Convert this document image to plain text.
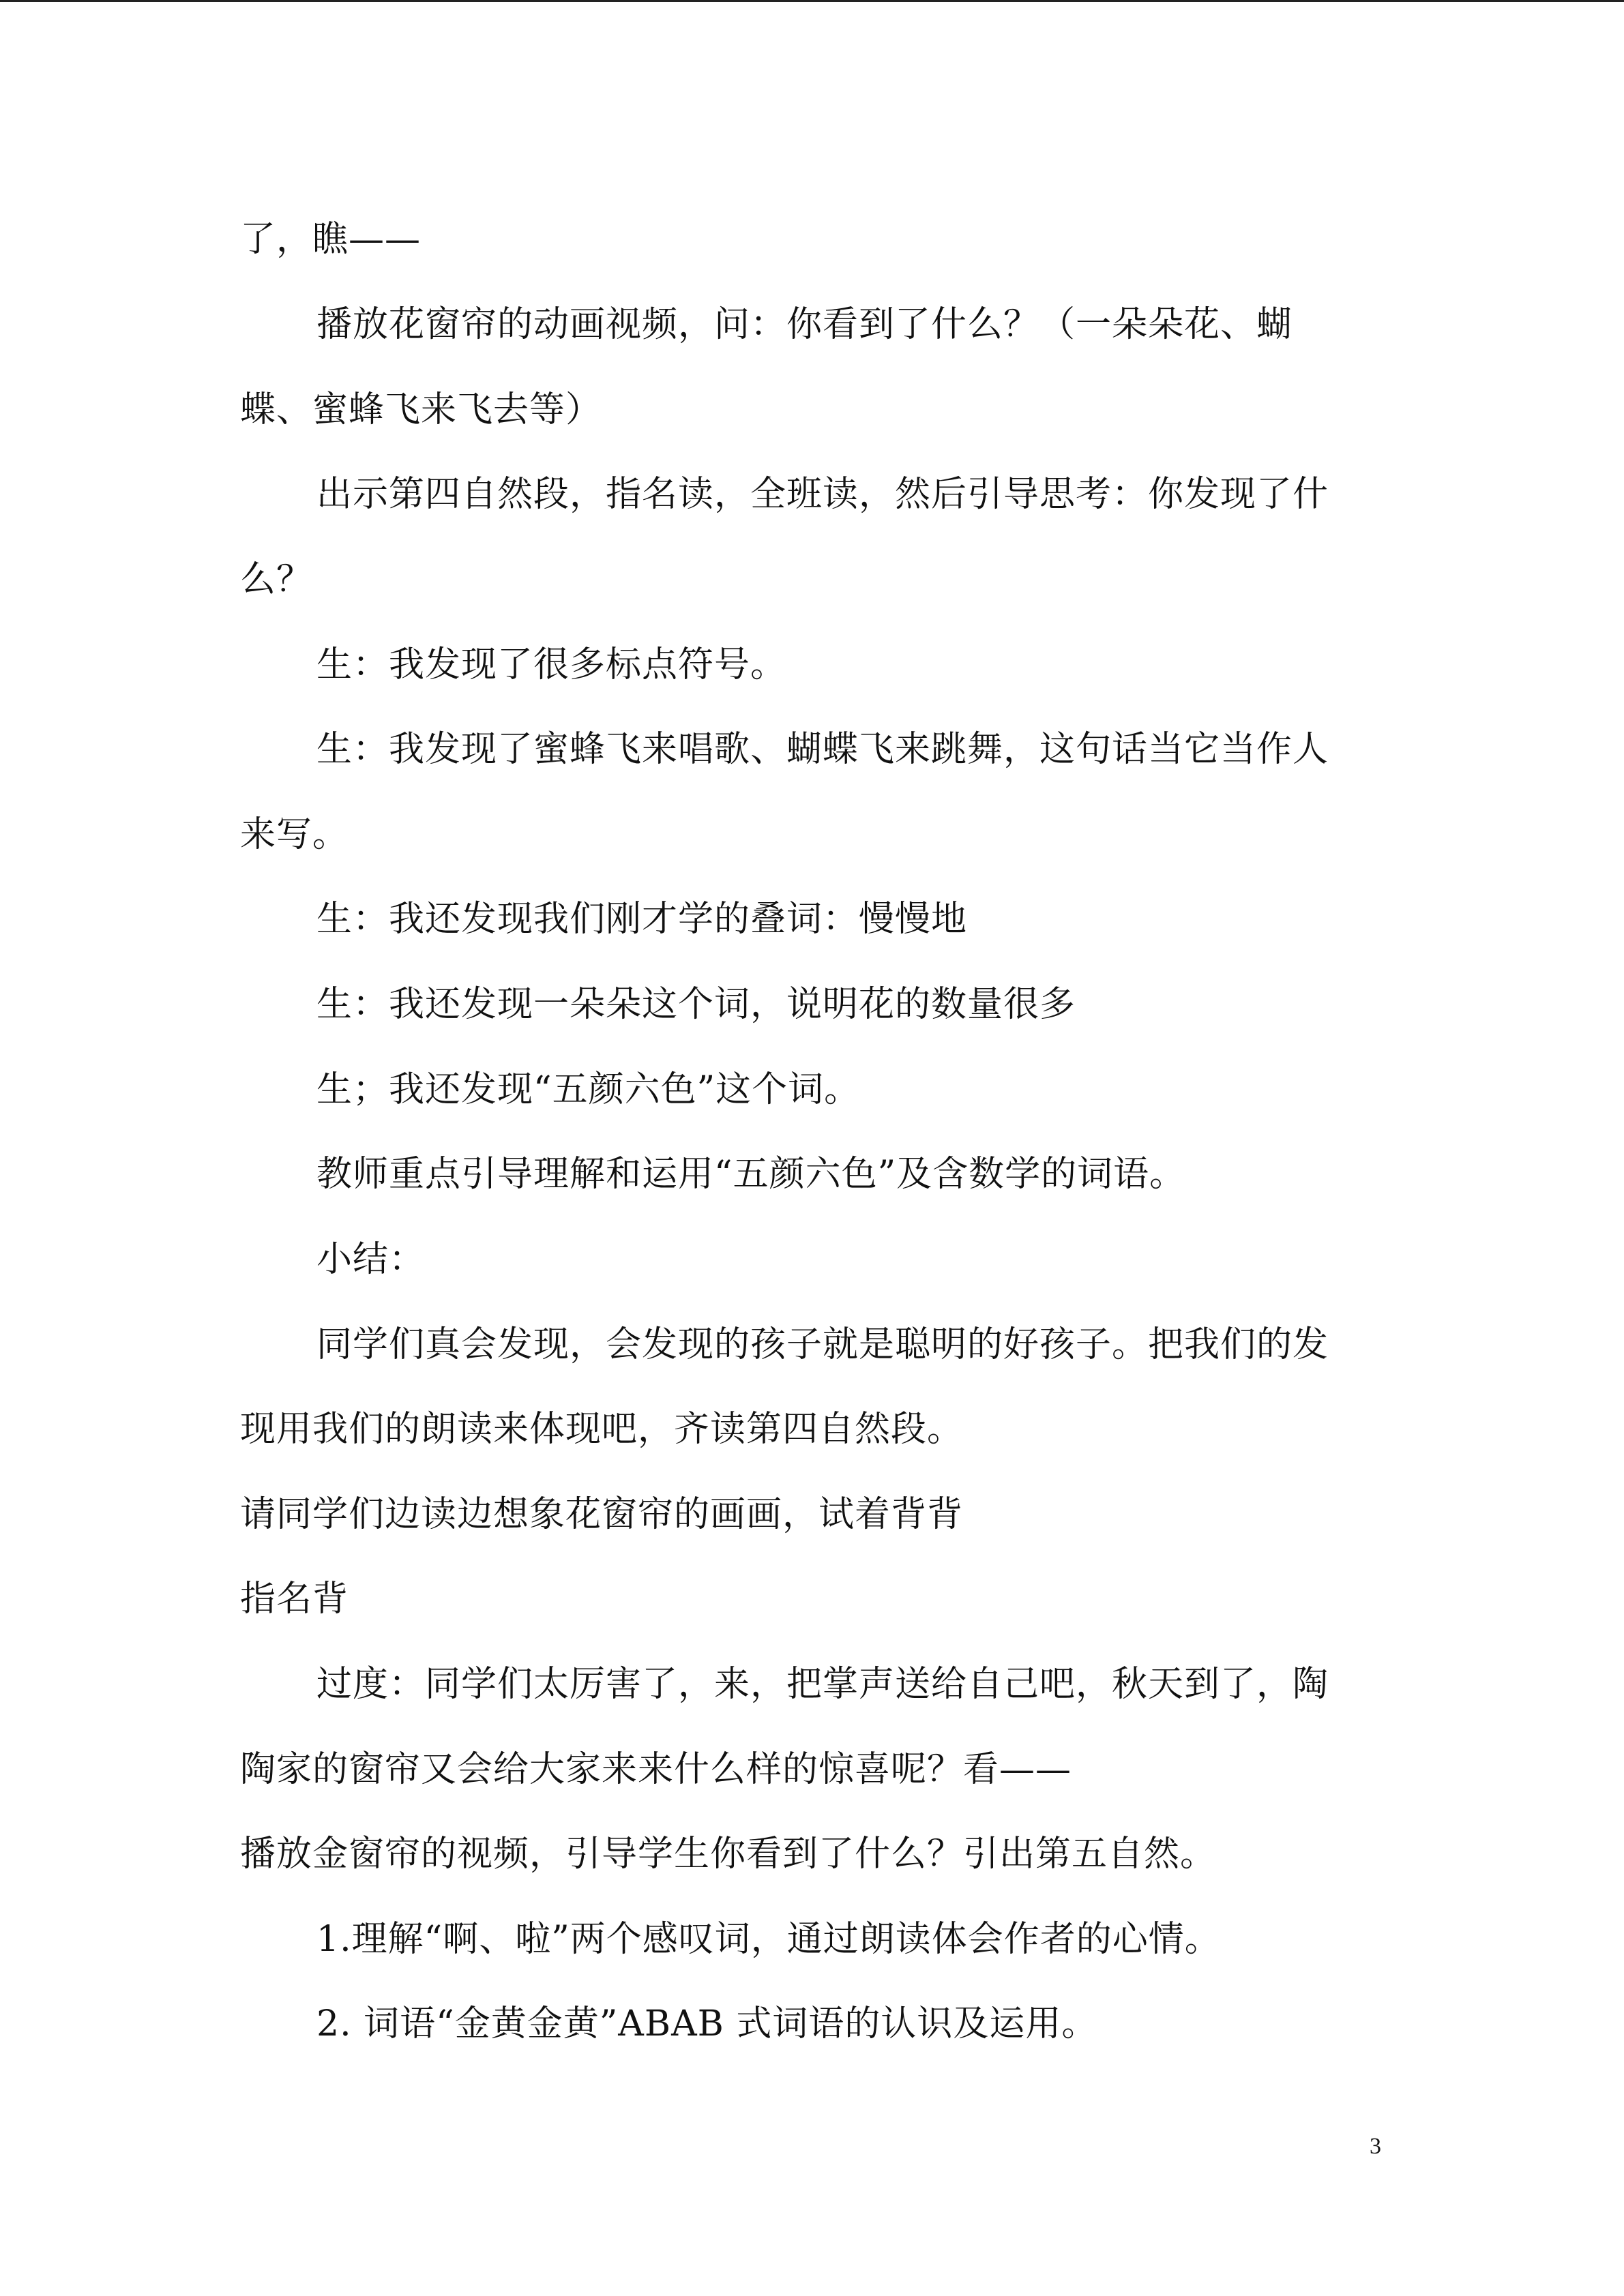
了，瞧——
播放花窗帘的动画视频，问：你看到了什么？（一朵朵花、蝴
蝶、蜜蜂飞来飞去等）
出示第四自然段，指名读，全班读，然后引导思考：你发现了什
么？
生：我发现了很多标点符号。
生：我发现了蜜蜂飞来唱歌、蝴蝶飞来跳舞，这句话当它当作人
来写。
生：我还发现我们刚才学的叠词：慢慢地
生：我还发现一朵朵这个词，说明花的数量很多
生；我还发现“五颜六色”这个词。
教师重点引导理解和运用“五颜六色”及含数学的词语。
小结：
同学们真会发现，会发现的孩子就是聪明的好孩子。把我们的发
现用我们的朗读来体现吧，齐读第四自然段。
请同学们边读边想象花窗帘的画画，试着背背
指名背
过度：同学们太厉害了，来，把掌声送给自己吧，秋天到了，陶
陶家的窗帘又会给大家来来什么样的惊喜呢？看——
播放金窗帘的视频，引导学生你看到了什么？引出第五自然。
1.理解“啊、啦”两个感叹词，通过朗读体会作者的心情。
2. 词语“金黄金黄”ABAB 式词语的认识及运用。
3
